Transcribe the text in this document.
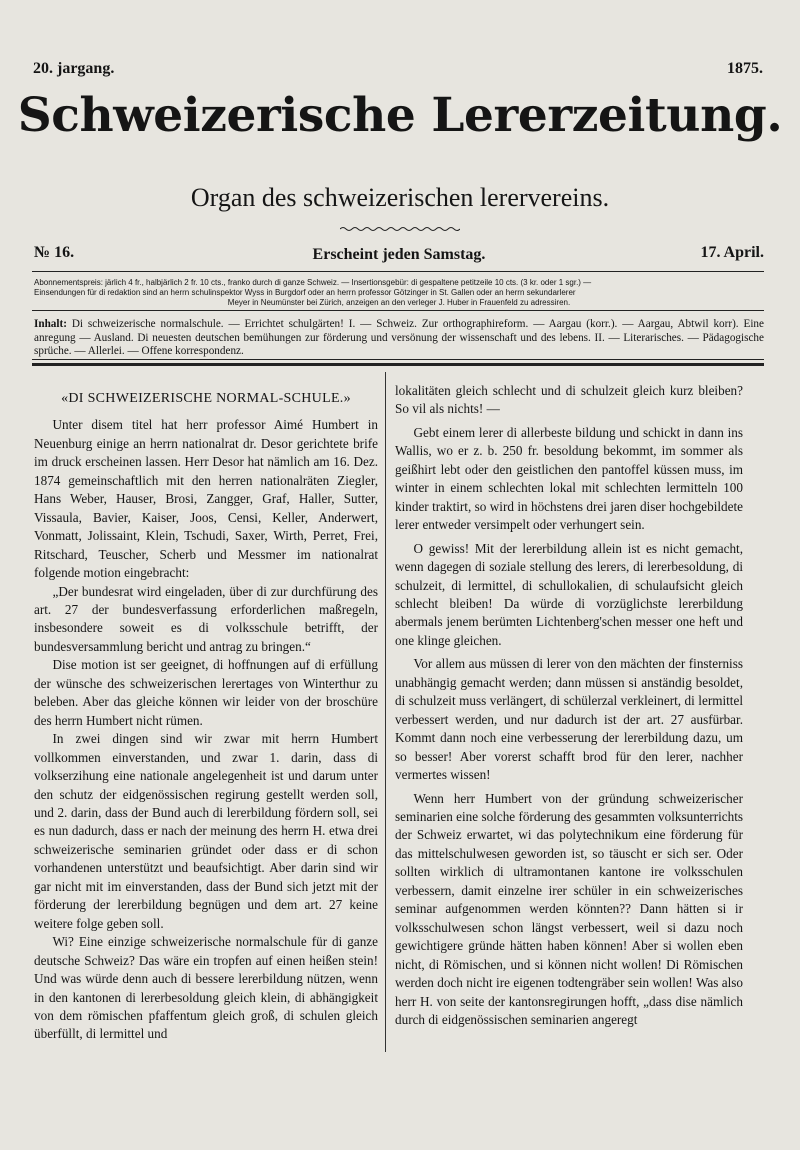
20. jargang.	1875.
Schweizerische Lererzeitung.
Organ des schweizerischen lerervereins.
№ 16.	Erscheint jeden Samstag.	17. April.

Abonnementspreis: järlich 4 fr., halbjärlich 2 fr. 10 cts., franko durch di ganze Schweiz. — Insertionsgebür: di gespaltene petitzeile 10 cts. (3 kr. oder 1 sgr.) —

Einsendungen für di redaktion sind an herrn schulinspektor Wyss in Burgdorf oder an herrn professor Götzinger in St. Gallen oder an herrn sekundarlerer

Meyer in Neumünster bei Zürich, anzeigen an den verleger J. Huber in Frauenfeld zu adressiren.

Inhalt: Di schweizerische normalschule. — Errichtet schulgärten! I. — Schweiz. Zur orthographireform. — Aargau (korr.). — Aargau, Abtwil korr). Eine anregung — Ausland. Di neuesten deutschen bemühungen zur förderung und versönung der wissenschaft und des lebens. II. — Literarisches. — Pädagogische sprüche. — Allerlei. — Offene korrespondenz.

«DI SCHWEIZERISCHE NORMAL-SCHULE.»

Unter disem titel hat herr professor Aimé Humbert in Neuenburg einige an herrn nationalrat dr. Desor gerichtete brife im druck erscheinen lassen. Herr Desor hat nämlich am 16. Dez. 1874 gemeinschaftlich mit den herren nationalräten Ziegler, Hans Weber, Hauser, Brosi, Zangger, Graf, Haller, Sutter, Vissaula, Bavier, Kaiser, Joos, Censi, Keller, Anderwert, Vonmatt, Jolissaint, Klein, Tschudi, Saxer, Wirth, Perret, Frei, Ritschard, Teuscher, Scherb und Messmer im nationalrat folgende motion eingebracht:

„Der bundesrat wird eingeladen, über di zur durchfürung des art. 27 der bundesverfassung erforderlichen maßregeln, insbesondere soweit es di volksschule betrifft, der bundesversammlung bericht und antrag zu bringen.“

Dise motion ist ser geeignet, di hoffnungen auf di erfüllung der wünsche des schweizerischen lerertages von Winterthur zu beleben. Aber das gleiche können wir leider von der broschüre des herrn Humbert nicht rümen.

In zwei dingen sind wir zwar mit herrn Humbert vollkommen einverstanden, und zwar 1. darin, dass di volkserzihung eine nationale angelegenheit ist und darum unter den schutz der eidgenössischen regirung gestellt werden soll, und 2. darin, dass der Bund auch di lererbildung fördern soll, sei es nun dadurch, dass er nach der meinung des herrn H. etwa drei schweizerische seminarien gründet oder dass er di schon vorhandenen unterstützt und beaufsichtigt. Aber darin sind wir gar nicht mit im einverstanden, dass der Bund sich jetzt mit der förderung der lererbildung begnügen und dem art. 27 keine weitere folge geben soll.

Wi? Eine einzige schweizerische normalschule für di ganze deutsche Schweiz? Das wäre ein tropfen auf einen heißen stein! Und was würde denn auch di bessere lererbildung nützen, wenn in den kantonen di lererbesoldung gleich klein, di abhängigkeit von dem römischen pfaffentum gleich groß, di schulen gleich überfüllt, di lermittel und

lokalitäten gleich schlecht und di schulzeit gleich kurz bleiben? So vil als nichts! —

Gebt einem lerer di allerbeste bildung und schickt in dann ins Wallis, wo er z. b. 250 fr. besoldung bekommt, im sommer als geißhirt lebt oder den geistlichen den pantoffel küssen muss, im winter in einem schlechten lokal mit schlechten lermitteln 100 kinder traktirt, so wird in höchstens drei jaren diser hochgebildete lerer entweder versimpelt oder verhungert sein.

O gewiss! Mit der lererbildung allein ist es nicht gemacht, wenn dagegen di soziale stellung des lerers, di lererbesoldung, di schulzeit, di lermittel, di schullokalien, di schulaufsicht gleich schlecht bleiben! Da würde di vorzüglichste lererbildung abermals jenem berümten Lichtenberg'schen messer one heft und one klinge gleichen.

Vor allem aus müssen di lerer von den mächten der finsterniss unabhängig gemacht werden; dann müssen si anständig besoldet, di schulzeit muss verlängert, di schülerzal verkleinert, di lermittel verbessert werden, und nur dadurch ist der art. 27 ausfürbar. Kommt dann noch eine verbesserung der lererbildung dazu, um so besser! Aber vorerst schafft brod für den lerer, nachher vermertes wissen!

Wenn herr Humbert von der gründung schweizerischer seminarien eine solche förderung des gesammten volksunterrichts der Schweiz erwartet, wi das polytechnikum eine förderung für das mittelschulwesen geworden ist, so täuscht er sich ser. Oder sollten wirklich di ultramontanen kantone ire volksschulen verbessern, damit einzelne irer schüler in ein schweizerisches seminar aufgenommen werden könnten?? Dann hätten si ir volksschulwesen schon längst verbessert, weil si dazu noch gewichtigere gründe hätten haben können! Aber si wollen eben nicht, di Römischen, und si können nicht wollen! Di Römischen werden doch nicht ire eigenen todtengräber sein wollen! Was also herr H. von seite der kantonsregirungen hofft, „dass dise nämlich durch di eidgenössischen seminarien angeregt
